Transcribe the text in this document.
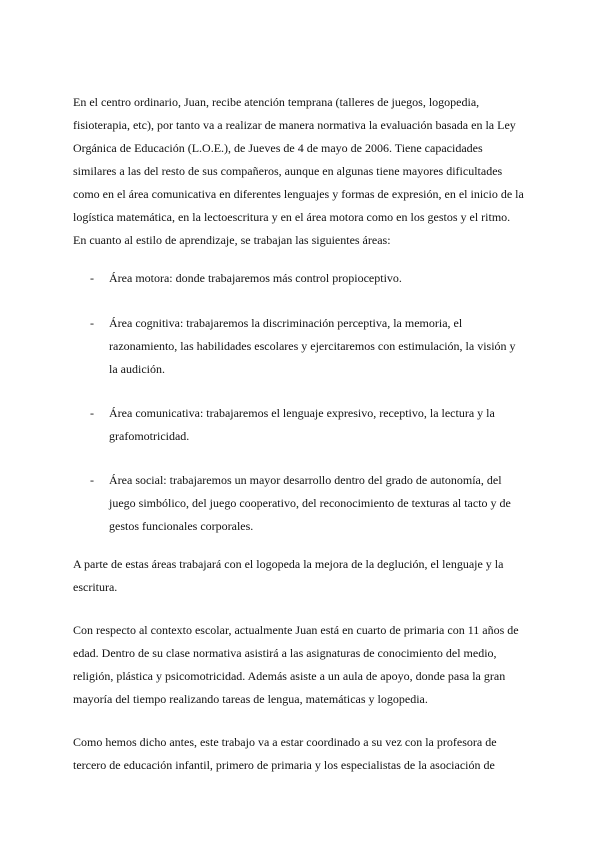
En el centro ordinario, Juan, recibe atención temprana (talleres de juegos, logopedia,
fisioterapia, etc), por tanto va a realizar de manera normativa la evaluación basada en la Ley
Orgánica de Educación (L.O.E.), de Jueves de 4 de mayo de 2006. Tiene capacidades
similares a las del resto de sus compañeros, aunque en algunas tiene mayores dificultades
como en el área comunicativa en diferentes lenguajes y formas de expresión, en el inicio de la
logística matemática, en la lectoescritura y en el área motora como en los gestos y el ritmo.
En cuanto al estilo de aprendizaje, se trabajan las siguientes áreas:
- Área motora: donde trabajaremos más control propioceptivo.
- Área cognitiva: trabajaremos la discriminación perceptiva, la memoria, el
razonamiento, las habilidades escolares y ejercitaremos con estimulación, la visión y
la audición.
- Área comunicativa: trabajaremos el lenguaje expresivo, receptivo, la lectura y la
grafomotricidad.
- Área social: trabajaremos un mayor desarrollo dentro del grado de autonomía, del
juego simbólico, del juego cooperativo, del reconocimiento de texturas al tacto y de
gestos funcionales corporales.
A parte de estas áreas trabajará con el logopeda la mejora de la deglución, el lenguaje y la
escritura.
Con respecto al contexto escolar, actualmente Juan está en cuarto de primaria con 11 años de
edad. Dentro de su clase normativa asistirá a las asignaturas de conocimiento del medio,
religión, plástica y psicomotricidad. Además asiste a un aula de apoyo, donde pasa la gran
mayoría del tiempo realizando tareas de lengua, matemáticas y logopedia.
Como hemos dicho antes, este trabajo va a estar coordinado a su vez con la profesora de
tercero de educación infantil, primero de primaria y los especialistas de la asociación de
